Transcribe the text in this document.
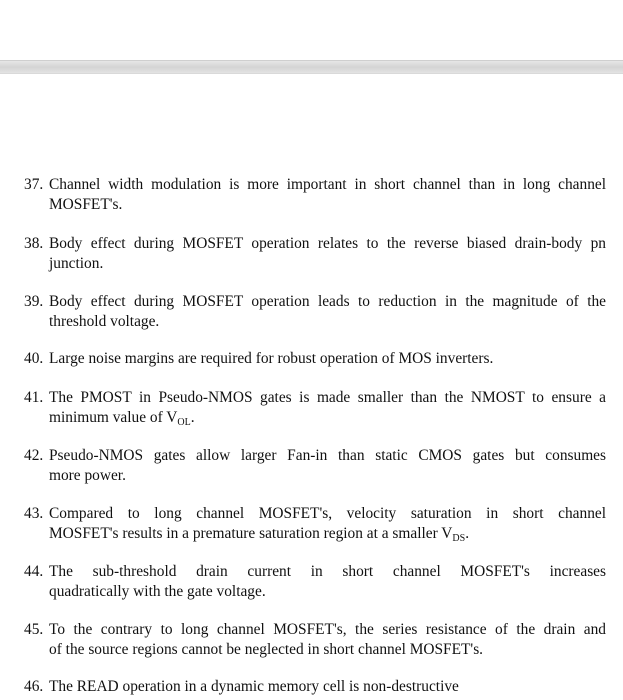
37. Channel width modulation is more important in short channel than in long channel
MOSFET's.
38. Body effect during MOSFET operation relates to the reverse biased drain-body pn
junction.
39. Body effect during MOSFET operation leads to reduction in the magnitude of the
threshold voltage.
40. Large noise margins are required for robust operation of MOS inverters.
41. The PMOST in Pseudo-NMOS gates is made smaller than the NMOST to ensure a
minimum value of $V_{OL}$.
42. Pseudo-NMOS gates allow larger Fan-in than static CMOS gates but consumes
more power.
43. Compared to long channel MOSFET's, velocity saturation in short channel
MOSFET's results in a premature saturation region at a smaller $V_{DS}$.
44. The sub-threshold drain current in short channel MOSFET's increases
quadratically with the gate voltage.
45. To the contrary to long channel MOSFET's, the series resistance of the drain and
of the source regions cannot be neglected in short channel MOSFET's.
46. The READ operation in a dynamic memory cell is non-destructive
